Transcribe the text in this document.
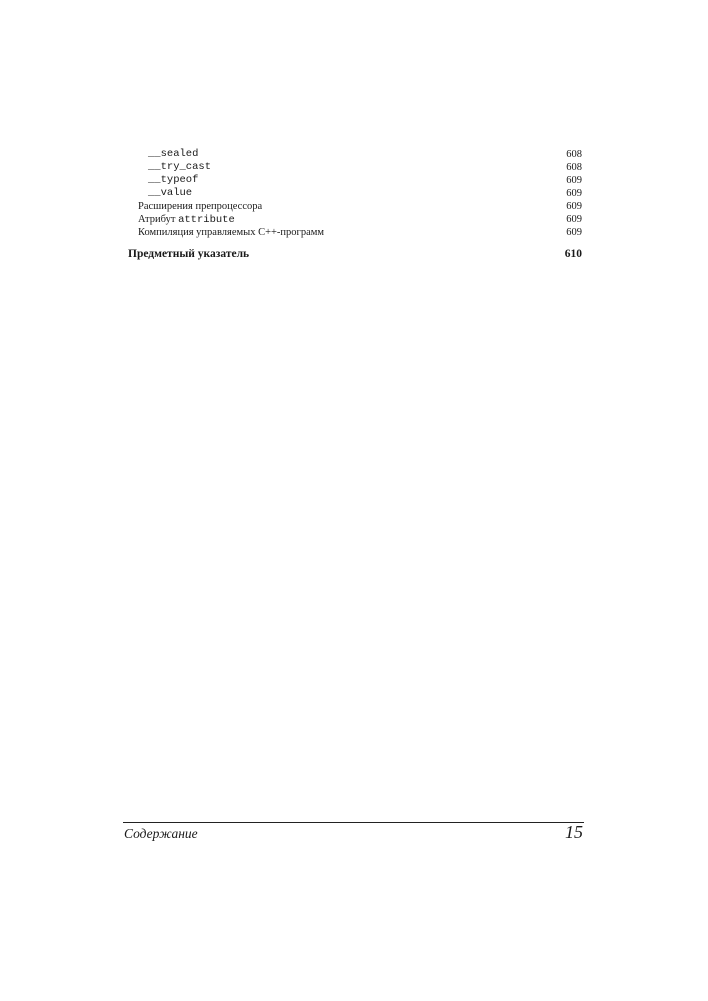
__sealed	608
__try_cast	608
__typeof	609
__value	609
Расширения препроцессора	609
Атрибут attribute	609
Компиляция управляемых C++-программ	609
Предметный указатель	610
Содержание	15
